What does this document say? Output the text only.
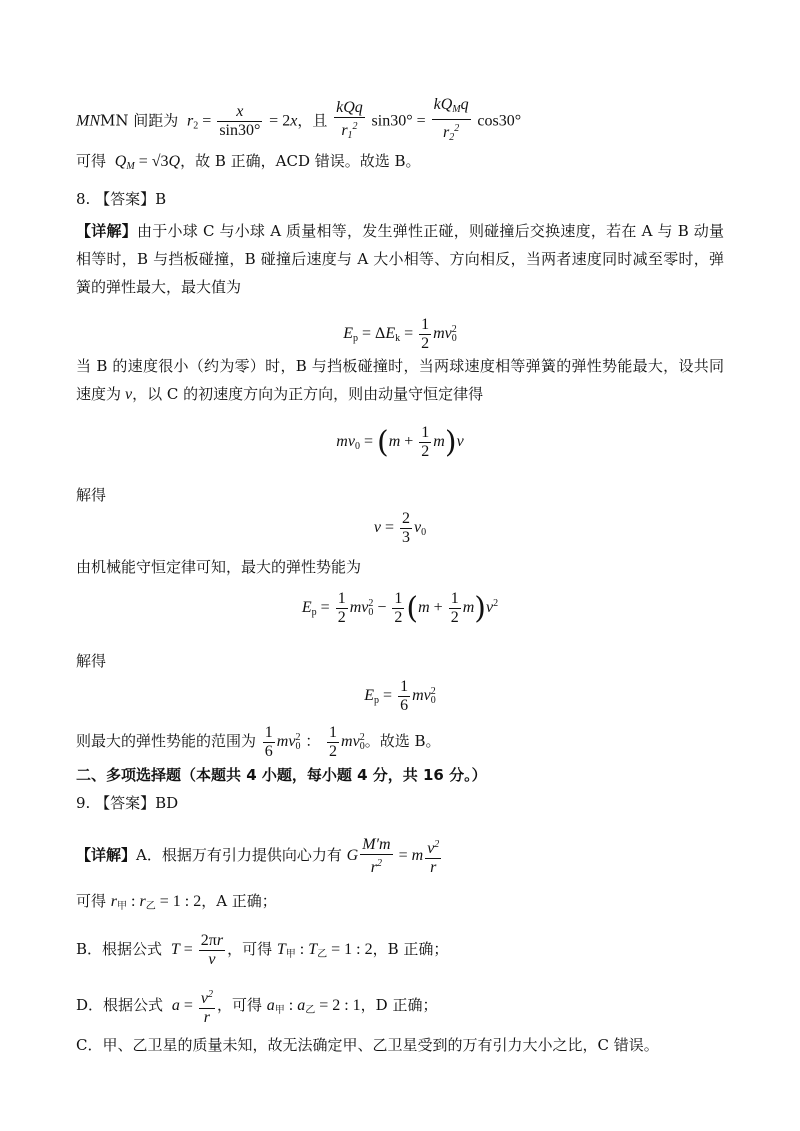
MNMN 间距为  $r_2 = \frac{x}{\sin 30^\circ} = 2x$，且 $\frac{\text{kQq}}{r_1^2} \sin 30^\circ = \frac{kQ_Mq}{r_2^2} \cos 30^\circ$
可得  $Q_M = √3Q$，故 B 正确，ACD 错误。故选 B。
8. 【答案】B
【详解】由于小球 C 与小球 A 质量相等，发生弹性正碰，则碰撞后交换速度，若在 A 与 B 动量相等时，B 与挡板碰撞，B 碰撞后速度与 A 大小相等、方向相反，当两者速度同时减至零时，弹簧的弹性最大，最大值为
$E_p = \Delta E_k = \frac{1}{2} mv_0^2$
当 B 的速度很小（约为零）时，B 与挡板碰撞时，当两球速度相等弹簧的弹性势能最大，设共同速度为 v，以 C 的初速度方向为正方向，则由动量守恒定律得
$mv_0 = (m + \frac{1}{2} m)v$
解得
$v = \frac{2}{3} v_0$
由机械能守恒定律可知，最大的弹性势能为
$E_p = \frac{1}{2} mv_0^2 - \frac{1}{2} (m + \frac{1}{2} m)v^2$
解得
$E_p = \frac{1}{6} mv_0^2$
则最大的弹性势能的范围为 $\frac{1}{6} mv_0^2$ ： $\frac{1}{2} mv_0^2$。故选 B。
二、多项选择题（本题共 4 小题，每小题 4 分，共 16 分。）
9. 【答案】BD
【详解】A．根据万有引力提供向心力有 G $\frac{M'm}{r^2} = m \frac{v^2}{r}$
可得 $r_甲$ : $r_乙 = 1$ : 2，A 正确；
B．根据公式  $T = \frac{2\pi r}{v}$ ，可得 $T_甲$ : $T_乙 = 1$ : 2，B 正确；
D．根据公式  $a = \frac{v^2}{r}$ ，可得 $a_甲$ : $a_乙 = 2$ : 1，D 正确；
C．甲、乙卫星的质量未知，故无法确定甲、乙卫星受到的万有引力大小之比，C 错误。
